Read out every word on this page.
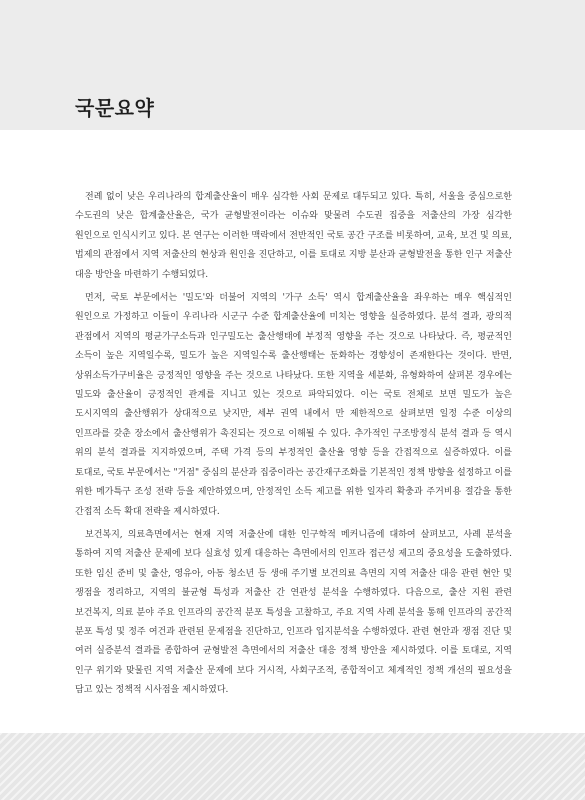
국문요약

전례 없이 낮은 우리나라의 합계출산율이 매우 심각한 사회 문제로 대두되고 있다. 특히, 서울을 중심으로한 수도권의 낮은 합계출산율은, 국가 균형발전이라는 이슈와 맞물려 수도권 집중을 저출산의 가장 심각한 원인으로 인식시키고 있다. 본 연구는 이러한 맥락에서 전반적인 국토 공간 구조를 비롯하여, 교육, 보건 및 의료, 법제의 관점에서 지역 저출산의 현상과 원인을 진단하고, 이를 토대로 지방 분산과 균형발전을 통한 인구 저출산 대응 방안을 마련하기 수행되었다.

먼저, 국토 부문에서는 '밀도'와 더불어 지역의 '가구 소득' 역시 합계출산율을 좌우하는 매우 핵심적인 원인으로 가정하고 이들이 우리나라 시군구 수준 합계출산율에 미치는 영향을 실증하였다. 분석 결과, 광의적 관점에서 지역의 평균가구소득과 인구밀도는 출산행태에 부정적 영향을 주는 것으로 나타났다. 즉, 평균적인 소득이 높은 지역일수록, 밀도가 높은 지역일수록 출산행태는 둔화하는 경향성이 존재한다는 것이다. 반면, 상위소득가구비율은 긍정적인 영향을 주는 것으로 나타났다. 또한 지역을 세분화, 유형화하여 살펴본 경우에는 밀도와 출산율이 긍정적인 관계를 지니고 있는 것으로 파악되었다. 이는 국토 전체로 보면 밀도가 높은 도시지역의 출산행위가 상대적으로 낮지만, 세부 권역 내에서 만 제한적으로 살펴보면 일정 수준 이상의 인프라를 갖춘 장소에서 출산행위가 촉진되는 것으로 이해될 수 있다. 추가적인 구조방정식 분석 결과 등 역시 위의 분석 결과를 지지하였으며, 주택 가격 등의 부정적인 출산율 영향 등을 간접적으로 실증하였다. 이를 토대로, 국토 부문에서는 "거점" 중심의 분산과 집중이라는 공간재구조화를 기본적인 정책 방향을 설정하고 이를 위한 메가특구 조성 전략 등을 제안하였으며, 안정적인 소득 제고를 위한 일자리 확충과 주거비용 절감을 통한 간접적 소득 확대 전략을 제시하였다.

보건복지, 의료측면에서는 현재 지역 저출산에 대한 인구학적 메커니즘에 대하여 살펴보고, 사례 분석을 통하여 지역 저출산 문제에 보다 실효성 있게 대응하는 측면에서의 인프라 접근성 제고의 중요성을 도출하였다. 또한 임신 준비 및 출산, 영유아, 아동 청소년 등 생애 주기별 보건의료 측면의 지역 저출산 대응 관련 현안 및 쟁점을 정리하고, 지역의 불균형 특성과 저출산 간 연관성 분석을 수행하였다. 다음으로, 출산 지원 관련 보건복지, 의료 분야 주요 인프라의 공간적 분포 특성을 고찰하고, 주요 지역 사례 분석을 통해 인프라의 공간적 분포 특성 및 정주 여건과 관련된 문제점을 진단하고, 인프라 입지분석을 수행하였다. 관련 현안과 쟁점 진단 및 여러 실증분석 결과를 종합하여 균형발전 측면에서의 저출산 대응 정책 방안을 제시하였다. 이를 토대로, 지역 인구 위기와 맞물린 지역 저출산 문제에 보다 거시적, 사회구조적, 종합적이고 체계적인 정책 개선의 필요성을 담고 있는 정책적 시사점을 제시하였다.
